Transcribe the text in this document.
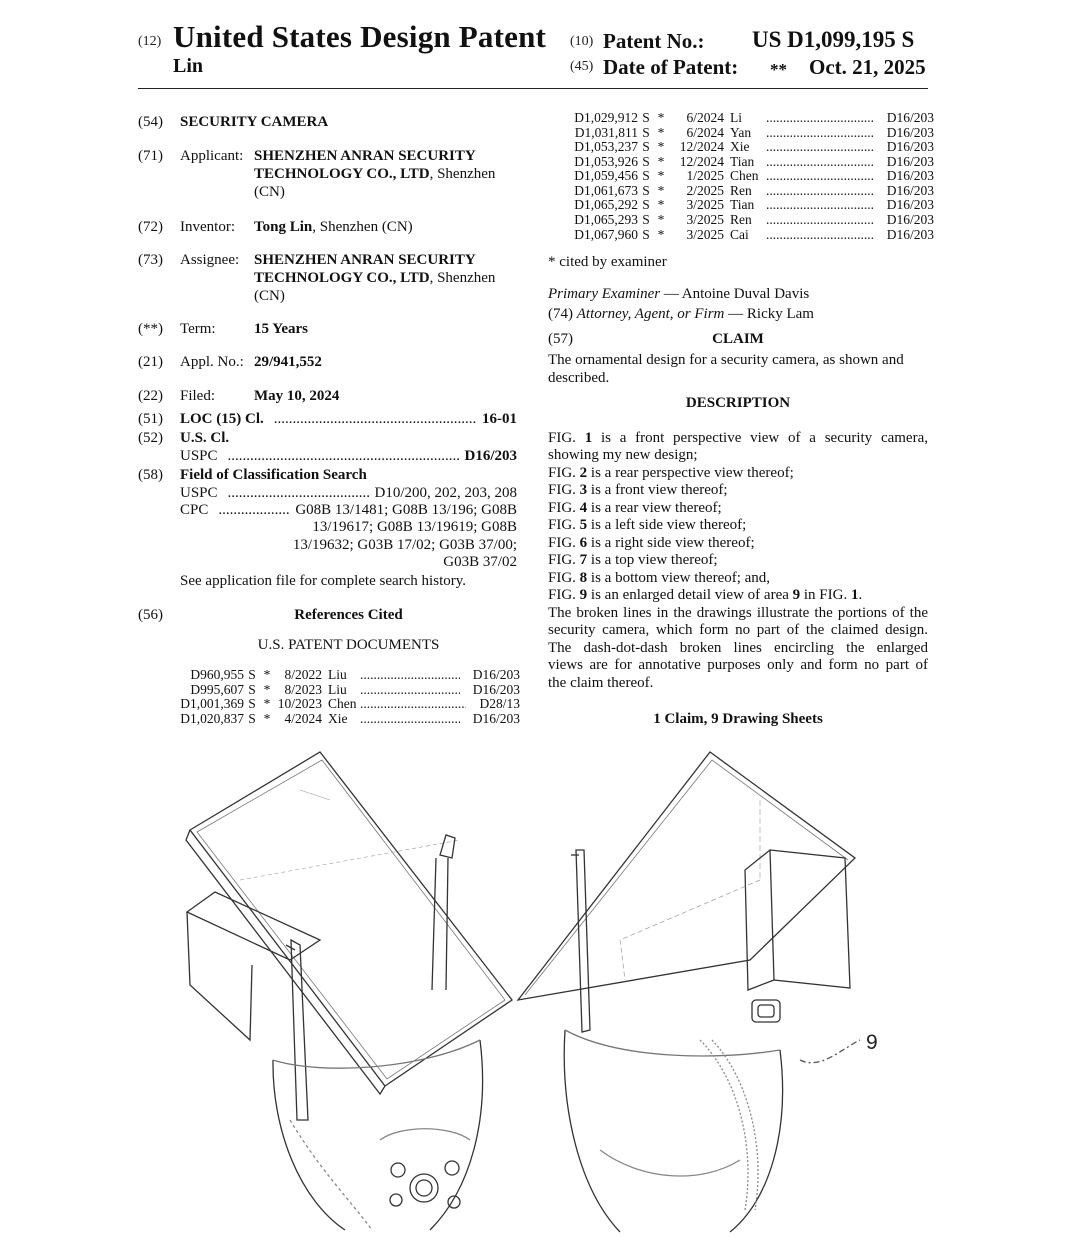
(12) United States Design Patent (10) Patent No.: US D1,099,195 S
Lin	(45) Date of Patent: ** Oct. 21, 2025
(54) SECURITY CAMERA
(71) Applicant: SHENZHEN ANRAN SECURITY
TECHNOLOGY CO., LTD, Shenzhen
(CN)
(72) Inventor: Tong Lin, Shenzhen (CN)
(73) Assignee: SHENZHEN ANRAN SECURITY
TECHNOLOGY CO., LTD, Shenzhen
(CN)
(**) Term:	15 Years
(21) Appl. No.: 29/941,552
(22) Filed:	May 10, 2024
(51) LOC (15) Cl. .....	16-01
(52) U.S. Cl.
USPC .....	D16/203
(58) Field of Classification Search
USPC .....	D10/200, 202, 203, 208
CPC .....	G08B 13/1481; G08B 13/196; G08B
13/19617; G08B 13/19619; G08B
13/19632; G03B 17/02; G03B 37/00;
G03B 37/02
See application file for complete search history.
(56)	References Cited
U.S. PATENT DOCUMENTS
D960,955 S *	8/2022 Liu .....	D16/203
D995,607 S *	8/2023 Liu .....	D16/203
D1,001,369 S * 10/2023 Chen .....	D28/13
D1,020,837 S *	4/2024 Xie .....	D16/203
D1,029,912 S *	6/2024 Li .....	D16/203
D1,031,811 S *	6/2024 Yan .....	D16/203
D1,053,237 S *	12/2024 Xie .....	D16/203
D1,053,926 S *	12/2024 Tian .....	D16/203
D1,059,456 S *	1/2025 Chen .....	D16/203
D1,061,673 S *	2/2025 Ren .....	D16/203
D1,065,292 S *	3/2025 Tian .....	D16/203
D1,065,293 S *	3/2025 Ren .....	D16/203
D1,067,960 S *	3/2025 Cai .....	D16/203
* cited by examiner
Primary Examiner — Antoine Duval Davis
(74) Attorney, Agent, or Firm — Ricky Lam
(57)	CLAIM
The ornamental design for a security camera, as shown and
described.
DESCRIPTION
FIG. 1 is a front perspective view of a security camera,
showing my new design;
FIG. 2 is a rear perspective view thereof;
FIG. 3 is a front view thereof;
FIG. 4 is a rear view thereof;
FIG. 5 is a left side view thereof;
FIG. 6 is a right side view thereof;
FIG. 7 is a top view thereof;
FIG. 8 is a bottom view thereof; and,
FIG. 9 is an enlarged detail view of area 9 in FIG. 1.
The broken lines in the drawings illustrate the portions of the
security camera, which form no part of the claimed design.
The dash-dot-dash broken lines encircling the enlarged
views are for annotative purposes only and form no part of
the claim thereof.
1 Claim, 9 Drawing Sheets
9
